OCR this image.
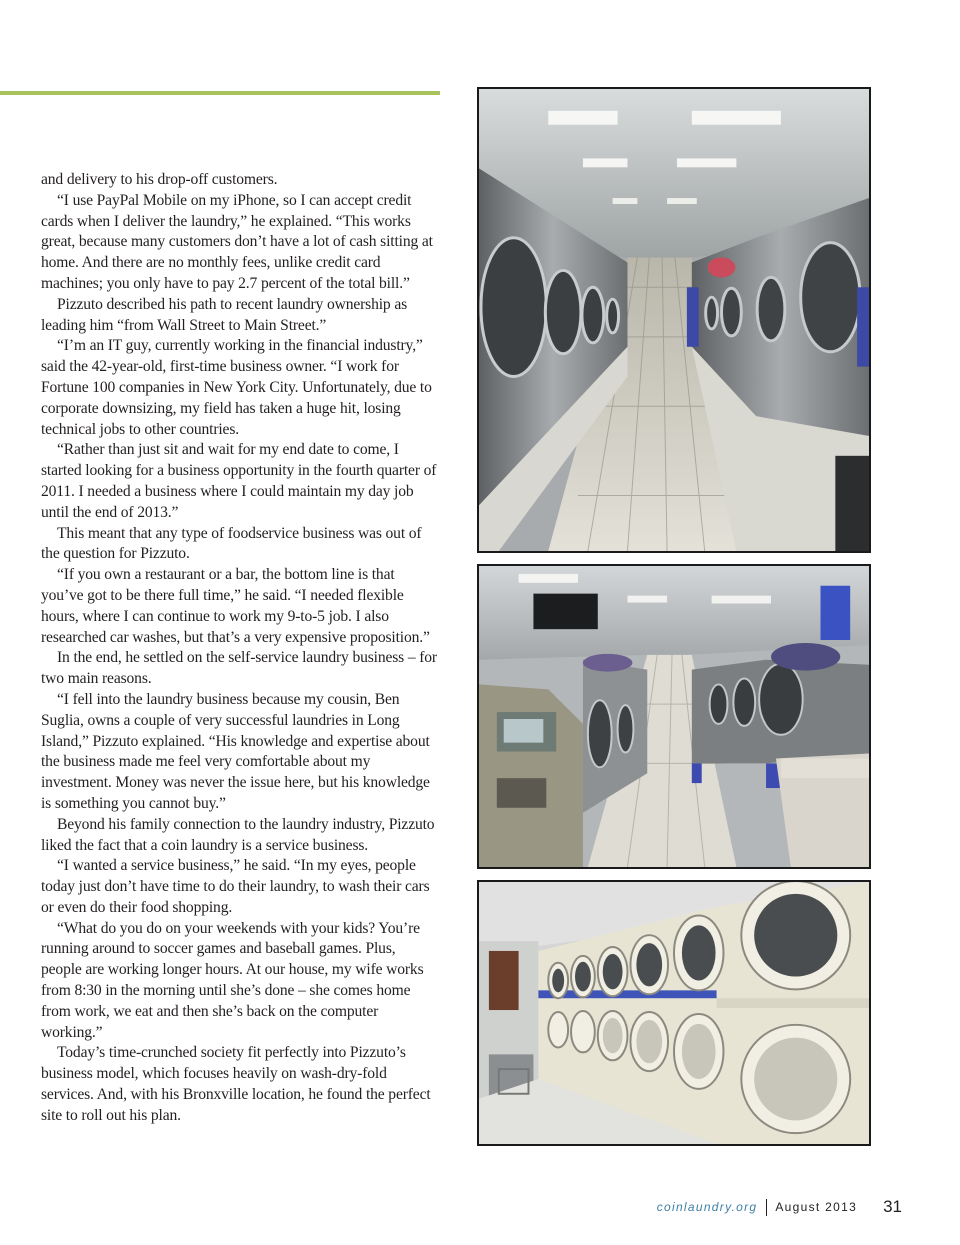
and delivery to his drop-off customers.

“I use PayPal Mobile on my iPhone, so I can accept credit cards when I deliver the laundry,” he explained. “This works great, because many customers don’t have a lot of cash sitting at home. And there are no monthly fees, unlike credit card machines; you only have to pay 2.7 percent of the total bill.”

Pizzuto described his path to recent laundry ownership as leading him “from Wall Street to Main Street.”

“I’m an IT guy, currently working in the financial industry,” said the 42-year-old, first-time business owner. “I work for Fortune 100 companies in New York City. Unfortunately, due to corporate downsizing, my field has taken a huge hit, losing technical jobs to other countries.

“Rather than just sit and wait for my end date to come, I started looking for a business opportunity in the fourth quarter of 2011. I needed a business where I could maintain my day job until the end of 2013.”

This meant that any type of foodservice business was out of the question for Pizzuto.

“If you own a restaurant or a bar, the bottom line is that you’ve got to be there full time,” he said. “I needed flexible hours, where I can continue to work my 9-to-5 job. I also researched car washes, but that’s a very expensive proposition.”

In the end, he settled on the self-service laundry business – for two main reasons.

“I fell into the laundry business because my cousin, Ben Suglia, owns a couple of very successful laundries in Long Island,” Pizzuto explained. “His knowledge and expertise about the business made me feel very comfortable about my investment. Money was never the issue here, but his knowledge is something you cannot buy.”

Beyond his family connection to the laundry industry, Pizzuto liked the fact that a coin laundry is a service business.

“I wanted a service business,” he said. “In my eyes, people today just don’t have time to do their laundry, to wash their cars or even do their food shopping.

“What do you do on your weekends with your kids? You’re running around to soccer games and baseball games. Plus, people are working longer hours. At our house, my wife works from 8:30 in the morning until she’s done – she comes home from work, we eat and then she’s back on the computer working.”

Today’s time-crunched society fit perfectly into Pizzuto’s business model, which focuses heavily on wash-dry-fold services. And, with his Bronxville location, he found the perfect site to roll out his plan.

coinlaundry.org August 2013 31
